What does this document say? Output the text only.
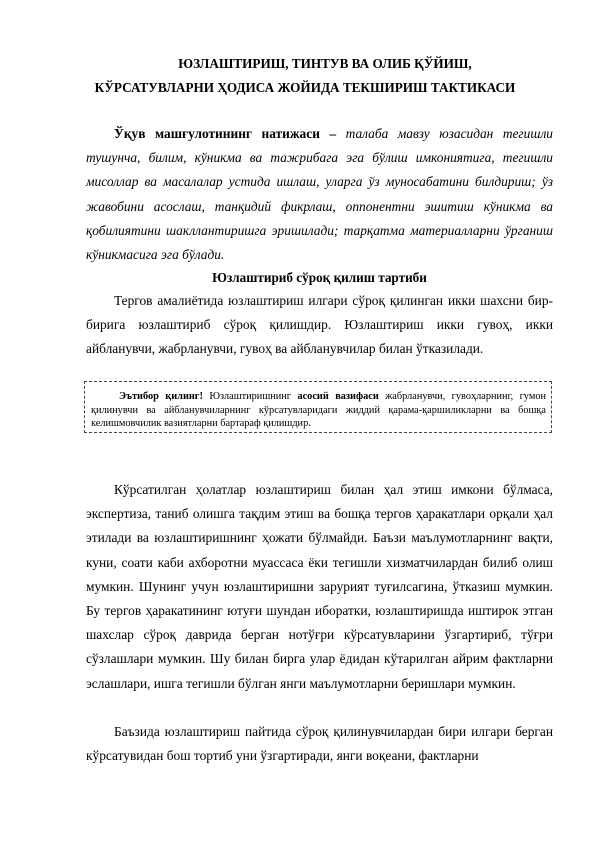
ЮЗЛАШТИРИШ, ТИНТУВ ВА ОЛИБ ҚЎЙИШ,
КЎРСАТУВЛАРНИ ҲОДИСА ЖОЙИДА ТЕКШИРИШ ТАКТИКАСИ

Ўқув машғулотининг натижаси – талаба мавзу юзасидан тегишли тушунча, билим, кўникма ва тажрибага эга бўлиш имкониятига, тегишли мисоллар ва масалалар устида ишлаш, уларга ўз муносабатини билдириш; ўз жавобини асослаш, танқидий фикрлаш, оппонентни эшитиш кўникма ва қобилиятини шакллантиришга эришилади; тарқатма материалларни ўрганиш кўникмасига эга бўлади.

Юзлаштириб сўроқ қилиш тартиби

Тергов амалиётида юзлаштириш илгари сўроқ қилинган икки шахсни бир-бирига юзлаштириб сўроқ қилишдир. Юзлаштириш икки гувоҳ, икки айбланувчи, жабрланувчи, гувоҳ ва айбланувчилар билан ўтказилади.

Эътибор қилинг! Юзлаштиришнинг асосий вазифаси жабрланувчи, гувоҳларнинг, гумон қилинувчи ва айбланувчиларнинг кўрсатувларидаги жиддий қарама-қаршиликларни ва бошқа келишмовчилик вазиятларни бартараф қилишдир.

Кўрсатилган ҳолатлар юзлаштириш билан ҳал этиш имкони бўлмаса, экспертиза, таниб олишга тақдим этиш ва бошқа тергов ҳаракатлари орқали ҳал этилади ва юзлаштиришнинг ҳожати бўлмайди. Баъзи маълумотларнинг вақти, куни, соати каби ахборотни муассаса ёки тегишли хизматчилардан билиб олиш мумкин. Шунинг учун юзлаштиришни зарурият туғилсагина, ўтказиш мумкин. Бу тергов ҳаракатининг ютуғи шундан иборатки, юзлаштиришда иштирок этган шахслар сўроқ даврида берган нотўғри кўрсатувларини ўзгартириб, тўғри сўзлашлари мумкин. Шу билан бирга улар ёдидан кўтарилган айрим фактларни эслашлари, ишга тегишли бўлган янги маълумотларни беришлари мумкин.

Баъзида юзлаштириш пайтида сўроқ қилинувчилардан бири илгари берган кўрсатувидан бош тортиб уни ўзгартиради, янги воқеани, фактларни
